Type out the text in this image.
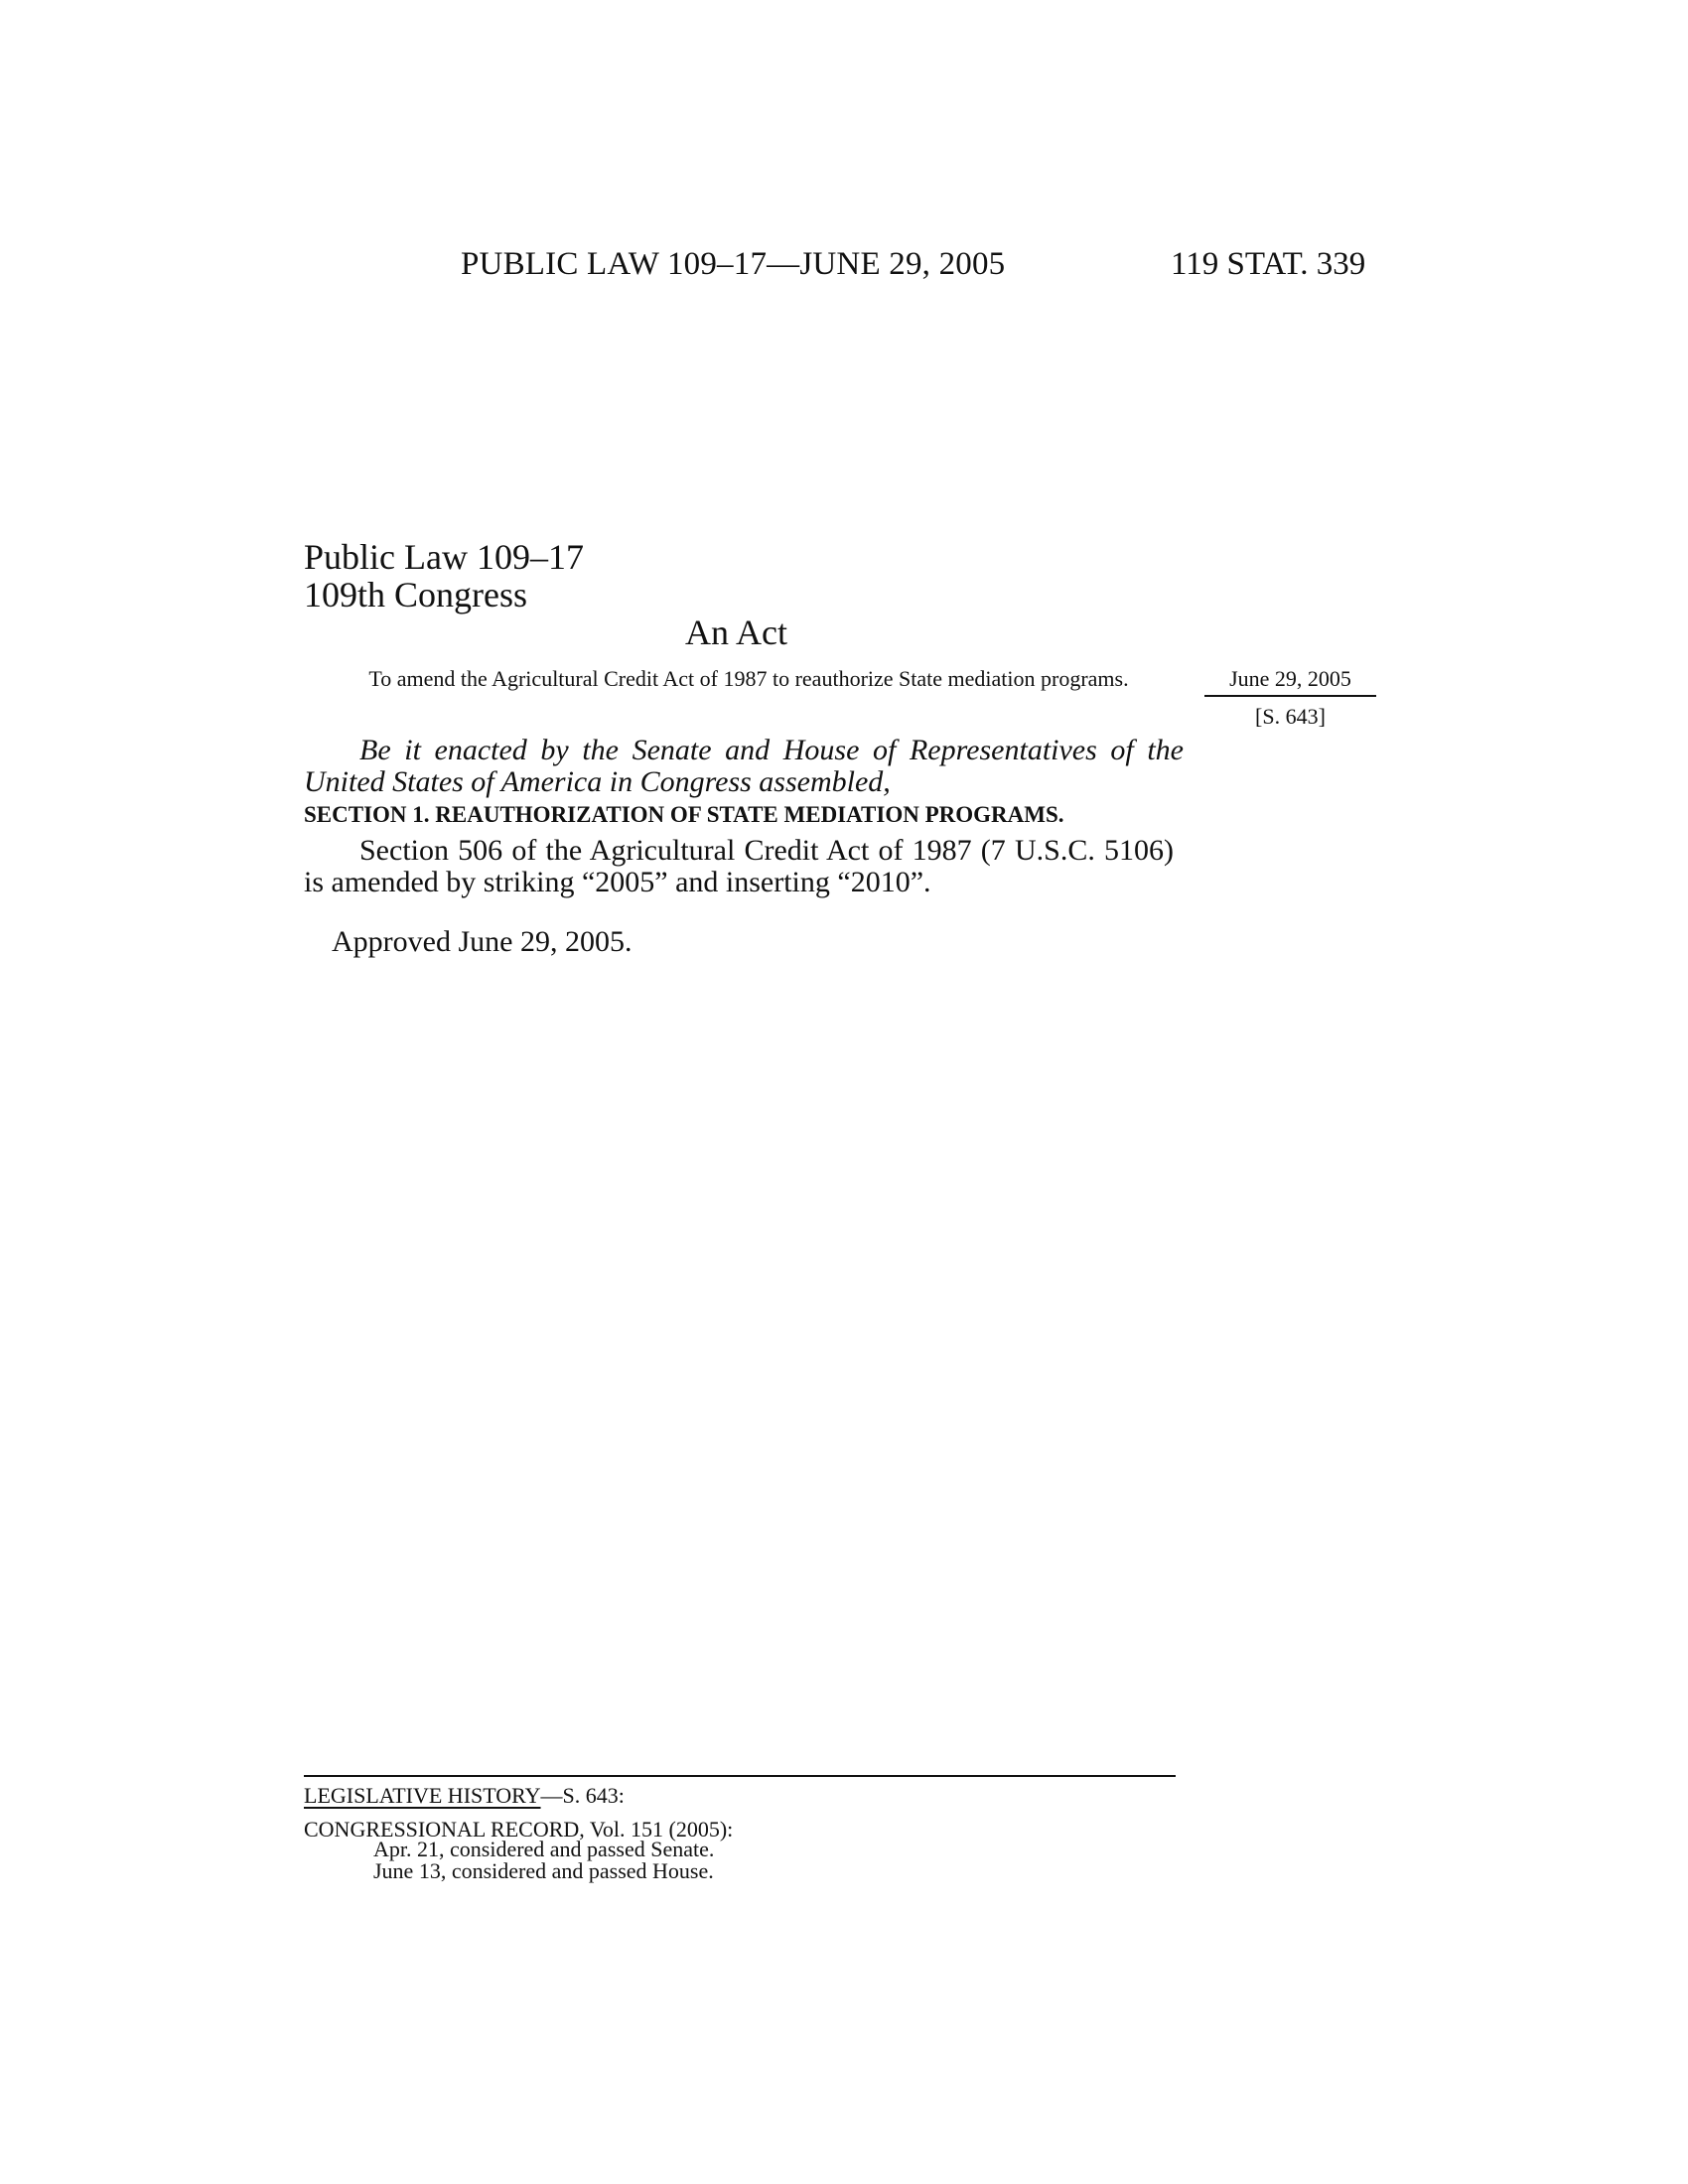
PUBLIC LAW 109–17—JUNE 29, 2005	119 STAT. 339
Public Law 109–17
109th Congress
An Act
To amend the Agricultural Credit Act of 1987 to reauthorize State mediation programs.	June 29, 2005
[S. 643]
Be it enacted by the Senate and House of Representatives of the United States of America in Congress assembled,
SECTION 1. REAUTHORIZATION OF STATE MEDIATION PROGRAMS.
Section 506 of the Agricultural Credit Act of 1987 (7 U.S.C. 5106) is amended by striking “2005” and inserting “2010”.
Approved June 29, 2005.
LEGISLATIVE HISTORY—S. 643:
CONGRESSIONAL RECORD, Vol. 151 (2005):
Apr. 21, considered and passed Senate.
June 13, considered and passed House.
